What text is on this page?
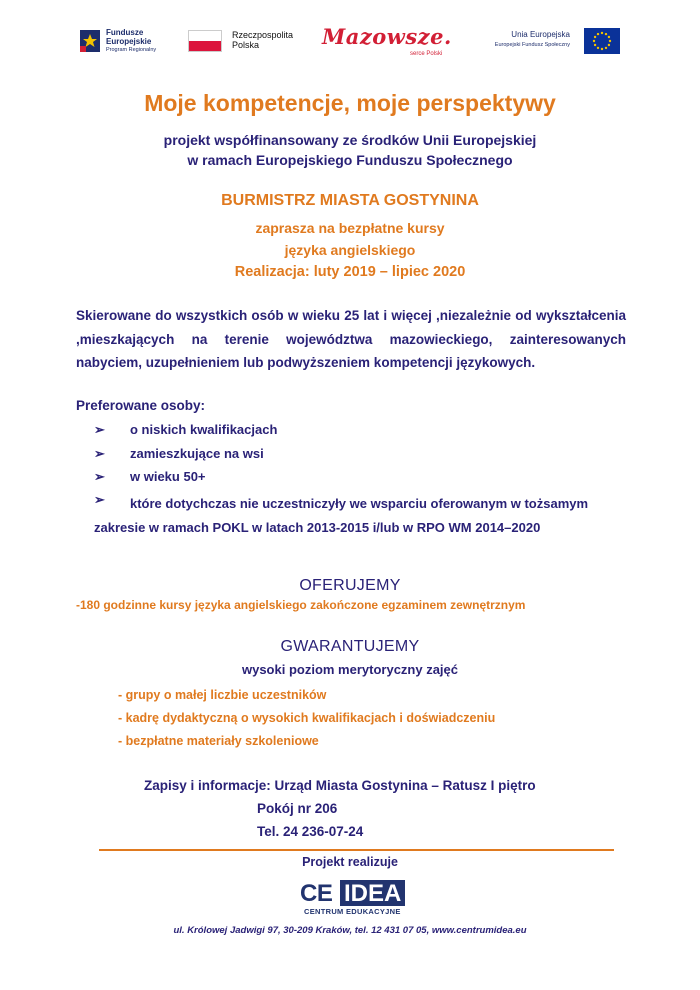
Fundusze
Europejskie
Program Regionalny
Rzeczpospolita
Polska	Mazowsze.
serce Polski
Unia Europejska
Europejski Fundusz Społeczny
Moje kompetencje, moje perspektywy
projekt współfinansowany ze środków Unii Europejskiej
w ramach Europejskiego Funduszu Społecznego
BURMISTRZ MIASTA GOSTYNINA
zaprasza na bezpłatne kursy
języka angielskiego
Realizacja: luty 2019 – lipiec 2020
Skierowane do wszystkich osób w wieku 25 lat i więcej ,niezależnie od wykształcenia ,mieszkających na terenie województwa mazowieckiego, zainteresowanych nabyciem, uzupełnieniem lub podwyższeniem kompetencji językowych.
Preferowane osoby:
➢ o niskich kwalifikacjach
➢ zamieszkujące na wsi
➢ w wieku 50+
➢	które dotychczas nie uczestniczyły we wsparciu oferowanym w tożsamym zakresie w ramach POKL w latach 2013-2015 i/lub w RPO WM 2014–2020
OFERUJEMY
-180 godzinne kursy języka angielskiego zakończone egzaminem zewnętrznym
GWARANTUJEMY
wysoki poziom merytoryczny zajęć
- grupy o małej liczbie uczestników
- kadrę dydaktyczną o wysokich kwalifikacjach i doświadczeniu
- bezpłatne materiały szkoleniowe
Zapisy i informacje: Urząd Miasta Gostynina – Ratusz I piętro
Pokój nr 206
Tel. 24 236-07-24
Projekt realizuje
CE IDEA
CENTRUM EDUKACYJNE
ul. Królowej Jadwigi 97, 30-209 Kraków, tel. 12 431 07 05, www.centrumidea.eu
